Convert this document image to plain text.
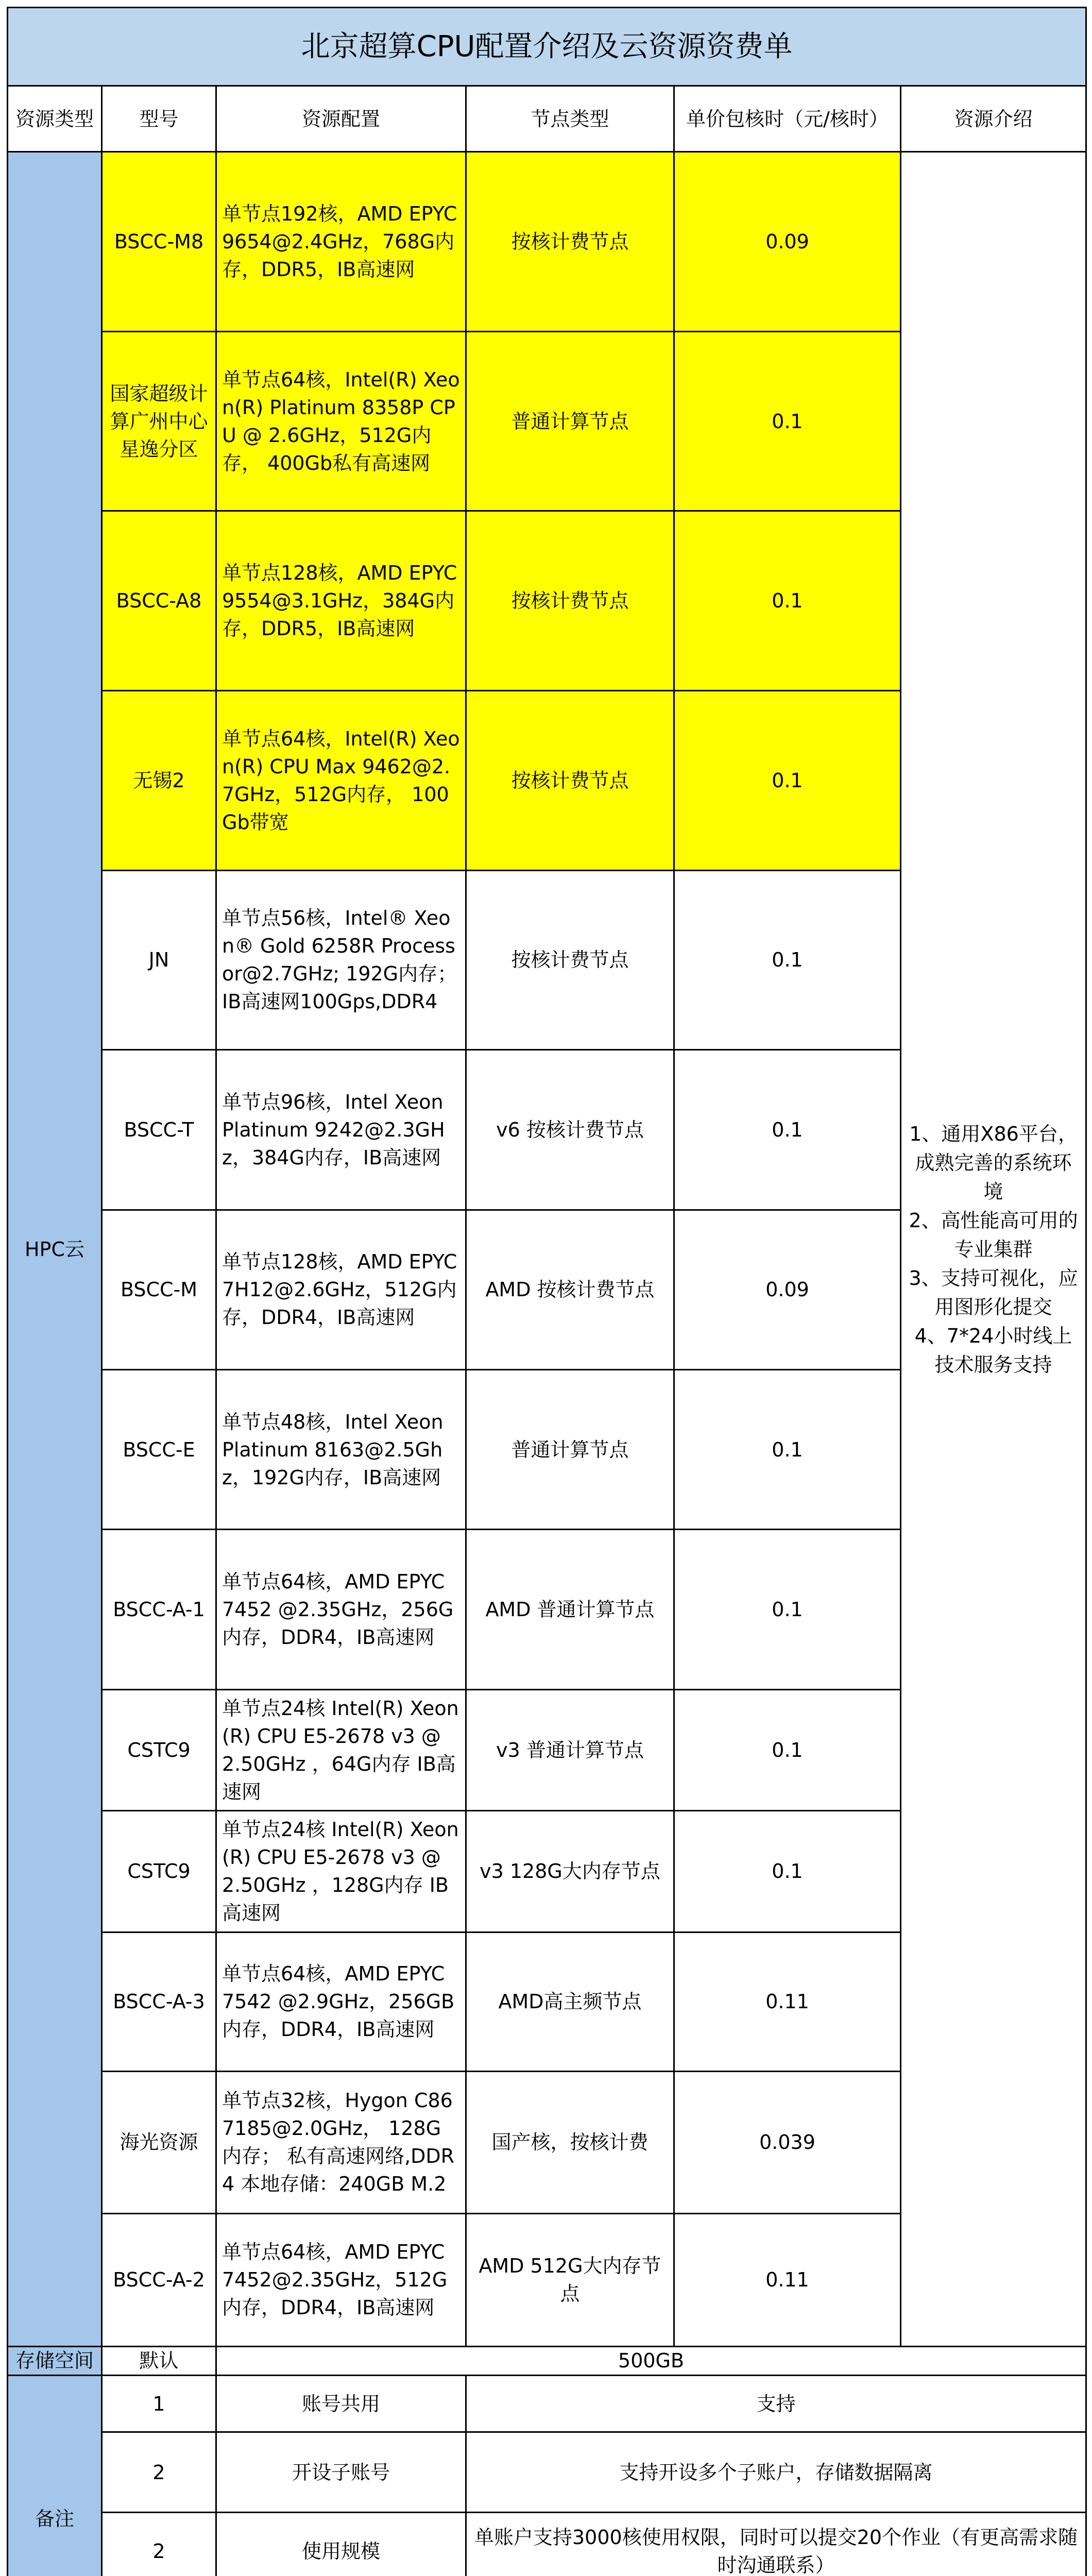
北京超算CPU配置介绍及云资源资费单					
资源类型	型号	资源配置	节点类型	单价包核时（元/核时）	资源介绍
HPC云	BSCC-M8	单节点192核，AMD EPYC 9654@2.4GHz，768G内存，DDR5，IB高速网	按核计费节点	0.09	1、通用X86平台，成熟完善的系统环境
2、高性能高可用的专业集群
3、支持可视化，应用图形化提交
4、7*24小时线上技术服务支持

	国家超级计算广州中心星逸分区	单节点64核，Intel(R) Xeon(R) Platinum 8358P CPU @ 2.6GHz，512G内存， 400Gb私有高速网	普通计算节点	0.1	
	BSCC-A8	单节点128核，AMD EPYC 9554@3.1GHz，384G内存，DDR5，IB高速网	按核计费节点	0.1	
	无锡2	单节点64核，Intel(R) Xeon(R) CPU Max 9462@2.7GHz，512G内存， 100Gb带宽	按核计费节点	0.1	
	JN	单节点56核，Intel® Xeon® Gold 6258R Processor@2.7GHz; 192G内存； IB高速网100Gps,DDR4	按核计费节点	0.1	
	BSCC-T	单节点96核，Intel Xeon Platinum 9242@2.3GHz，384G内存，IB高速网	v6 按核计费节点	0.1	
	BSCC-M	单节点128核，AMD EPYC 7H12@2.6GHz，512G内存，DDR4，IB高速网	AMD 按核计费节点	0.09	
	BSCC-E	单节点48核，Intel Xeon Platinum 8163@2.5Ghz，192G内存，IB高速网	普通计算节点	0.1	
	BSCC-A-1	单节点64核，AMD EPYC 7452 @2.35GHz，256G内存，DDR4，IB高速网	AMD 普通计算节点	0.1	
	CSTC9	单节点24核 Intel(R) Xeon(R) CPU E5-2678 v3 @ 2.50GHz ，64G内存 IB高速网	v3 普通计算节点	0.1	
	CSTC9	单节点24核 Intel(R) Xeon(R) CPU E5-2678 v3 @ 2.50GHz ，128G内存 IB高速网	v3 128G大内存节点	0.1	
	BSCC-A-3	单节点64核，AMD EPYC 7542 @2.9GHz，256GB内存，DDR4，IB高速网	AMD高主频节点	0.11	
	海光资源	单节点32核，Hygon C86 7185@2.0GHz， 128G内存； 私有高速网络,DDR4 本地存储：240GB M.2	国产核，按核计费	0.039	
	BSCC-A-2	单节点64核，AMD EPYC 7452@2.35GHz，512G内存，DDR4，IB高速网	AMD 512G大内存节点	0.11	
存储空间	默认	500GB			
备注	1	账号共用	支持		
	2	开设子账号	支持开设多个子账户，存储数据隔离		
	2	使用规模	单账户支持3000核使用权限，同时可以提交20个作业（有更高需求随时沟通联系）		
